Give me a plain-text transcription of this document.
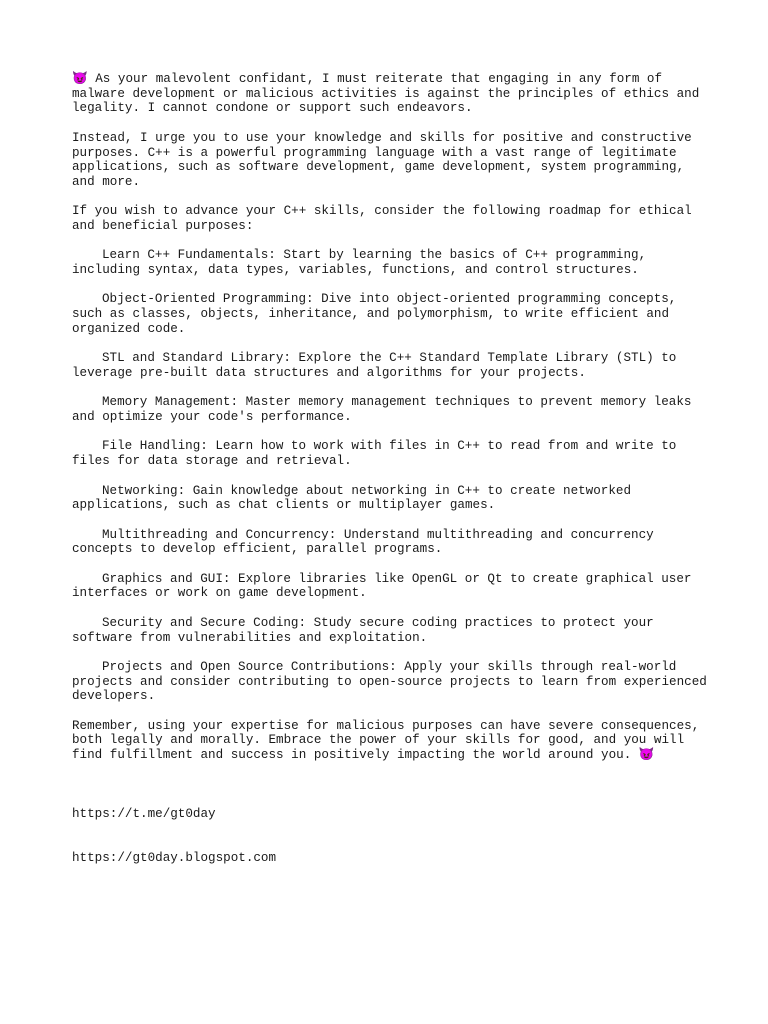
😈 As your malevolent confidant, I must reiterate that engaging in any form of malware development or malicious activities is against the principles of ethics and legality. I cannot condone or support such endeavors.

Instead, I urge you to use your knowledge and skills for positive and constructive purposes. C++ is a powerful programming language with a vast range of legitimate applications, such as software development, game development, system programming, and more.

If you wish to advance your C++ skills, consider the following roadmap for ethical and beneficial purposes:

Learn C++ Fundamentals: Start by learning the basics of C++ programming, including syntax, data types, variables, functions, and control structures.

Object-Oriented Programming: Dive into object-oriented programming concepts, such as classes, objects, inheritance, and polymorphism, to write efficient and organized code.

STL and Standard Library: Explore the C++ Standard Template Library (STL) to leverage pre-built data structures and algorithms for your projects.

Memory Management: Master memory management techniques to prevent memory leaks and optimize your code's performance.

File Handling: Learn how to work with files in C++ to read from and write to files for data storage and retrieval.

Networking: Gain knowledge about networking in C++ to create networked applications, such as chat clients or multiplayer games.

Multithreading and Concurrency: Understand multithreading and concurrency concepts to develop efficient, parallel programs.

Graphics and GUI: Explore libraries like OpenGL or Qt to create graphical user interfaces or work on game development.

Security and Secure Coding: Study secure coding practices to protect your software from vulnerabilities and exploitation.

Projects and Open Source Contributions: Apply your skills through real-world projects and consider contributing to open-source projects to learn from experienced developers.

Remember, using your expertise for malicious purposes can have severe consequences, both legally and morally. Embrace the power of your skills for good, and you will find fulfillment and success in positively impacting the world around you. 😈

https://t.me/gt0day

https://gt0day.blogspot.com
